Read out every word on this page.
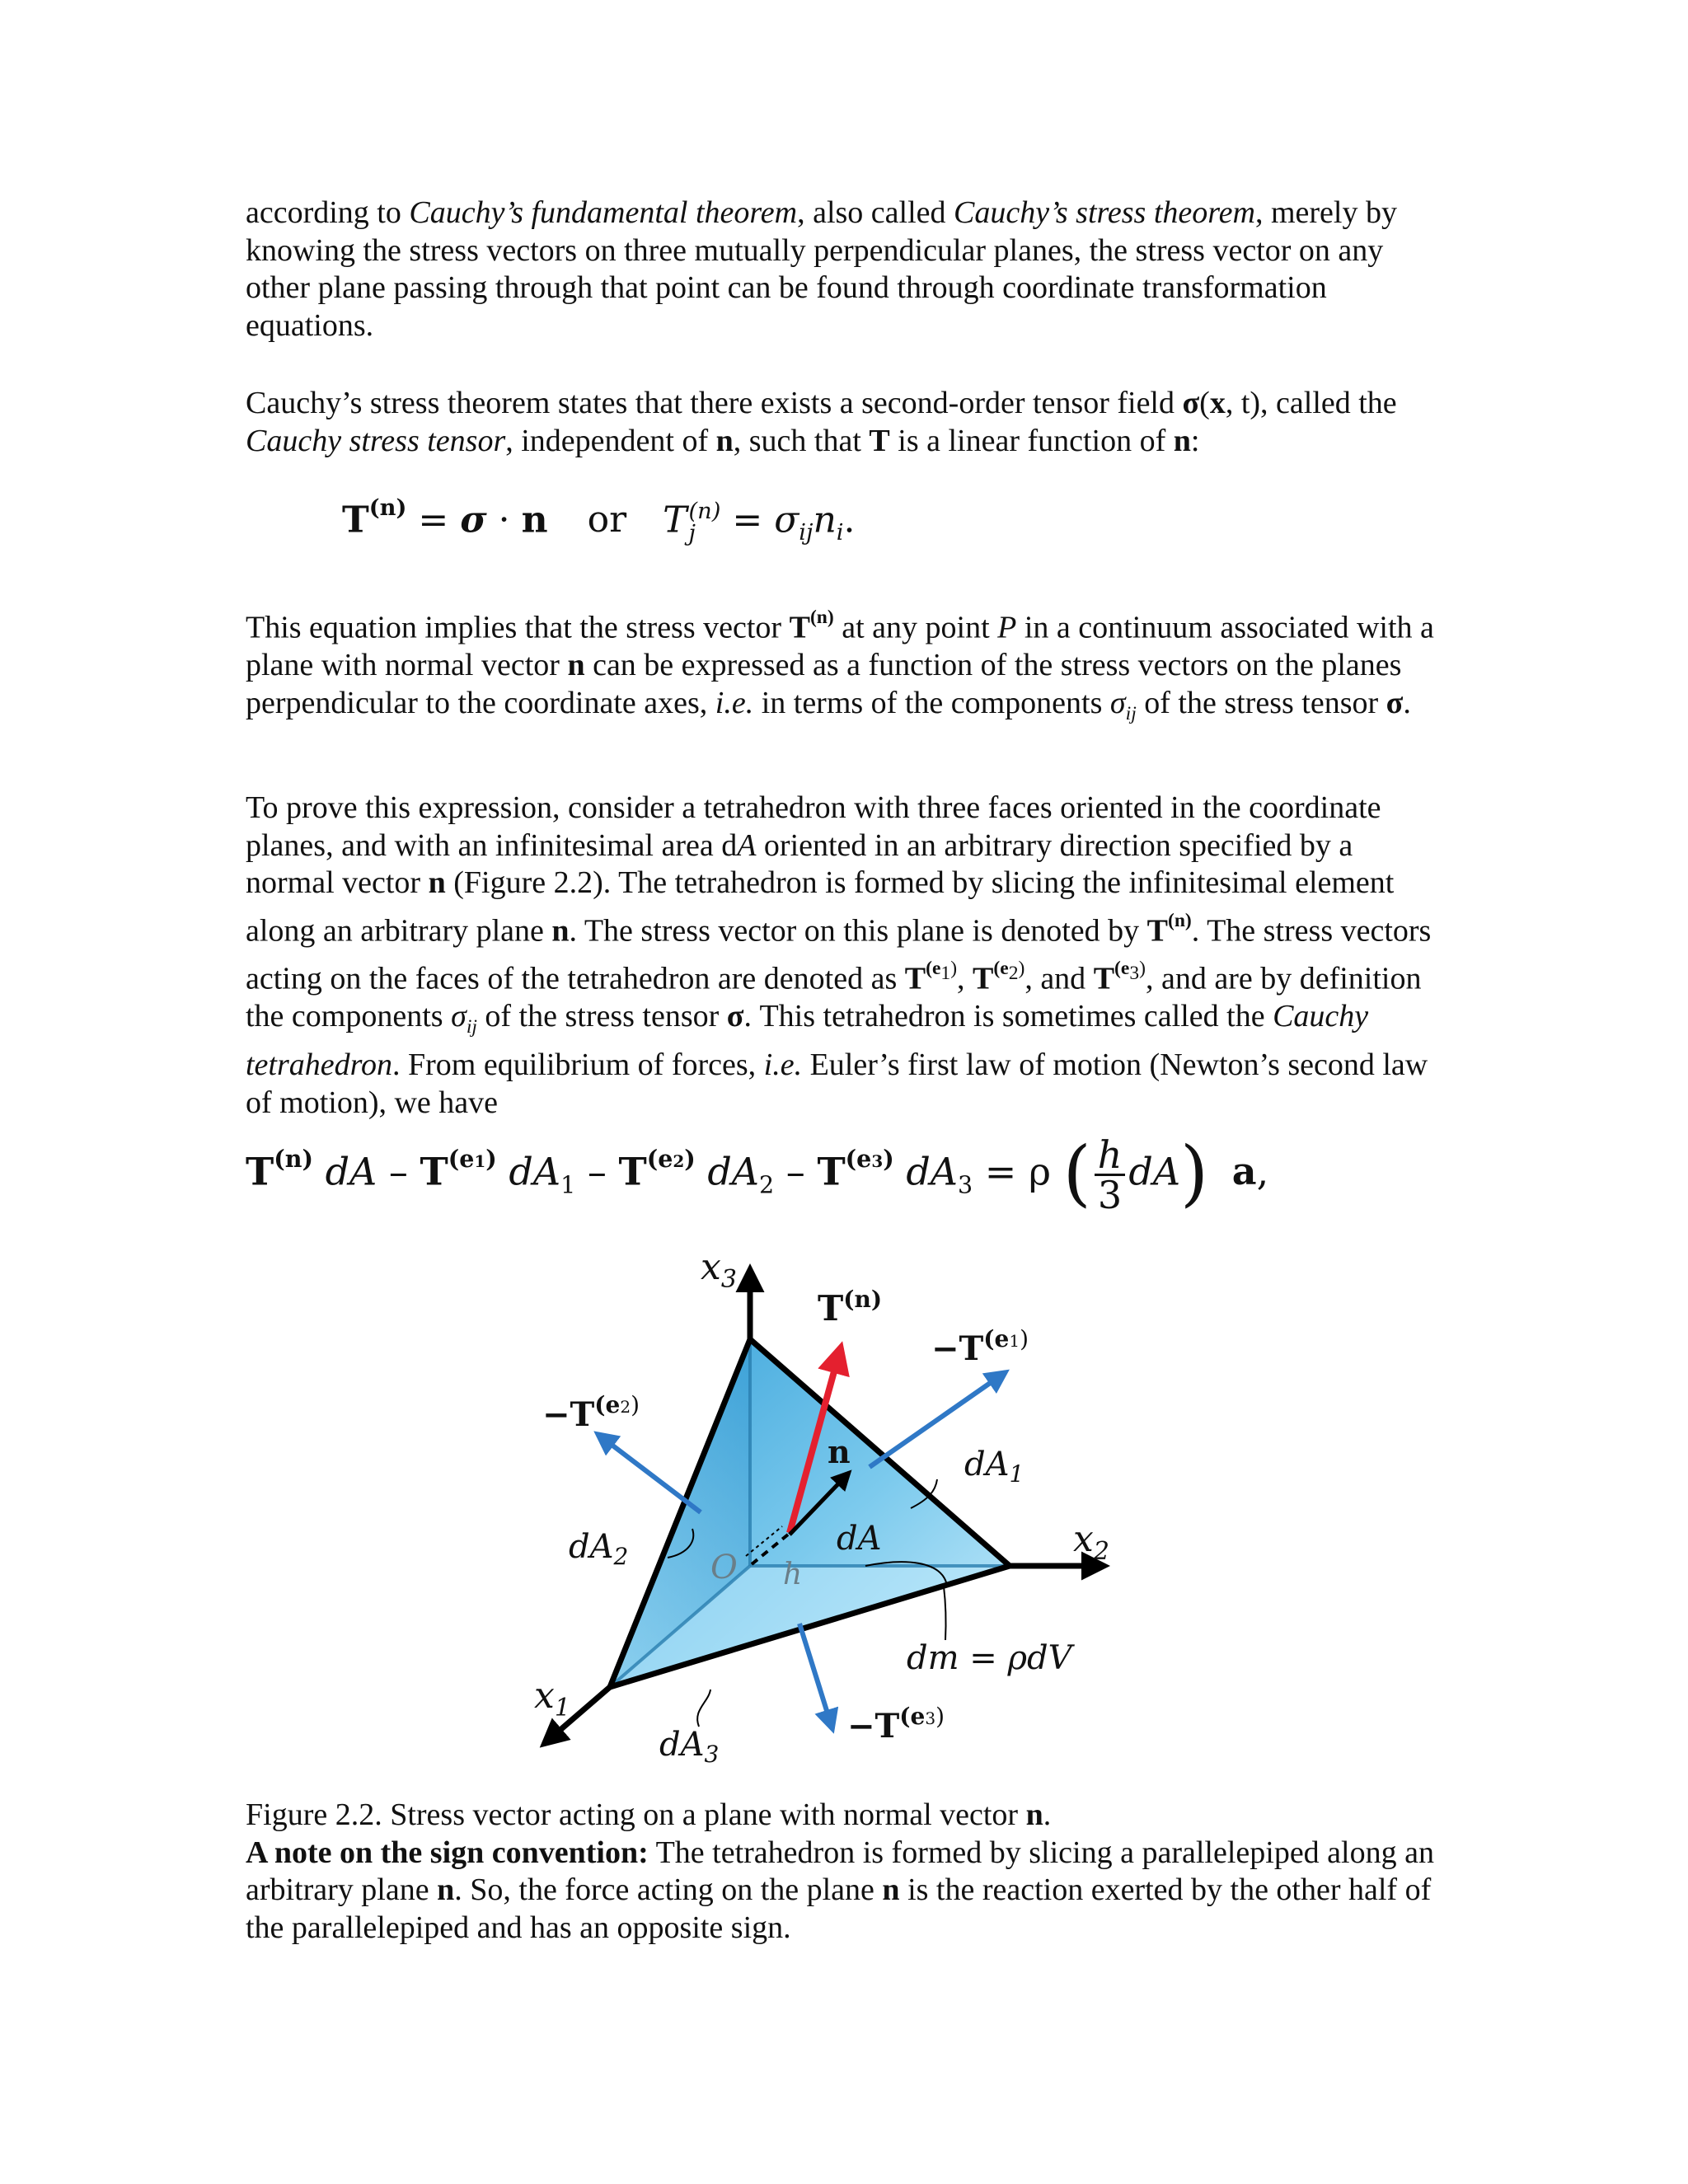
according to Cauchy’s fundamental theorem, also called Cauchy’s stress theorem, merely by knowing the stress vectors on three mutually perpendicular planes, the stress vector on any other plane passing through that point can be found through coordinate transformation equations.

Cauchy’s stress theorem states that there exists a second-order tensor field σ(x, t), called the Cauchy stress tensor, independent of n, such that T is a linear function of n:

$T^{(n)} = \sigma \cdot n$ or T (n)
$j = \sigma_{ij}n_i$.

This equation implies that the stress vector $T^{(n)}$ at any point P in a continuum associated with a plane with normal vector n can be expressed as a function of the stress vectors on the planes perpendicular to the coordinate axes, i.e. in terms of the components $\sigma_{ij}$ of the stress tensor σ.

To prove this expression, consider a tetrahedron with three faces oriented in the coordinate planes, and with an infinitesimal area dA oriented in an arbitrary direction specified by a normal vector n (Figure 2.2). The tetrahedron is formed by slicing the infinitesimal element along an arbitrary plane n. The stress vector on this plane is denoted by $T^{(n)}$. The stress vectors acting on the faces of the tetrahedron are denoted as $T^{(e1)}$, $T^{(e2)}$, and $T^{(e3)}$, and are by definition the components $\sigma_{ij}$ of the stress tensor σ. This tetrahedron is sometimes called the Cauchy tetrahedron. From equilibrium of forces, i.e. Euler’s first law of motion (Newton’s second law of motion), we have

$T^{(n)}$ dA – $T^{(e1)}$ $dA_1 - T^{(e2)}$ $dA_2 - T^{(e3)}$ $dA_3 = \rho$ ( $\frac{h}{3} dA$) a,
$x_3$
$x_2$
$x_1$
$T^{(n)}$
$-T^{(e}1$)
$-T^{(e}2$)
$-T^{(e}3$)
n
dA
$dA_1$
$dA_2$
$dA_3$
O h
dm = ρdV

Figure 2.2. Stress vector acting on a plane with normal vector n.

A note on the sign convention: The tetrahedron is formed by slicing a parallelepiped along an arbitrary plane n. So, the force acting on the plane n is the reaction exerted by the other half of the parallelepiped and has an opposite sign.
